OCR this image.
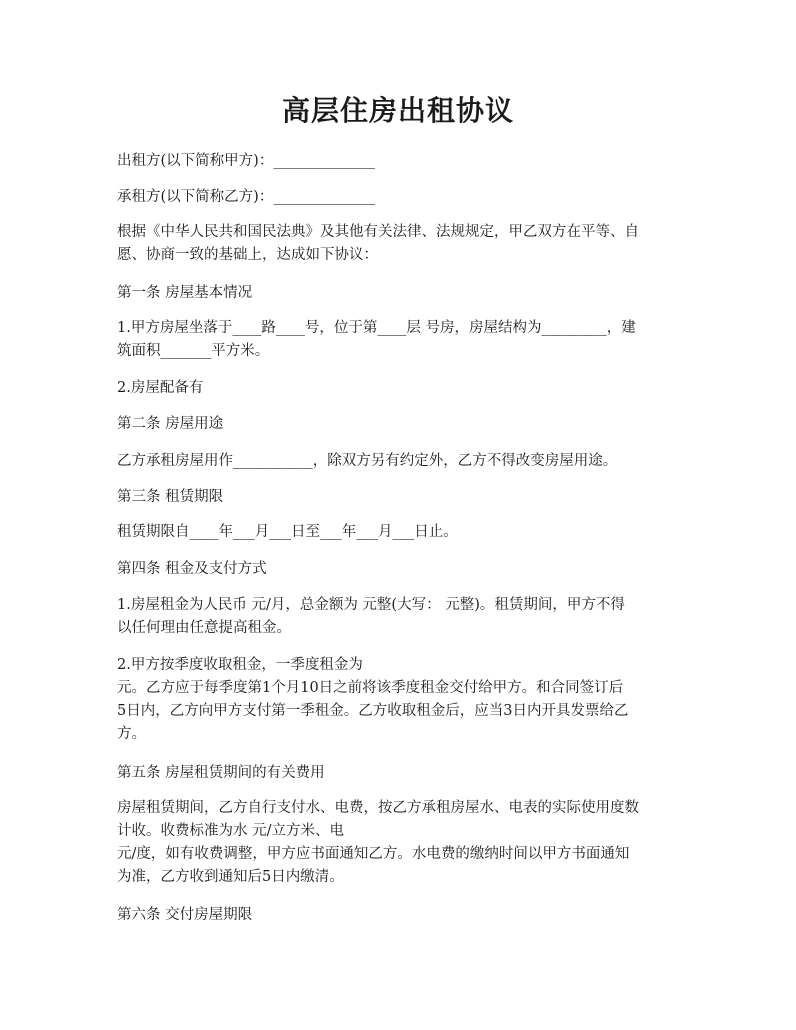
高层住房出租协议

出租方(以下简称甲方)：______________

承租方(以下简称乙方)：______________

根据《中华人民共和国民法典》及其他有关法律、法规规定，甲乙双方在平等、自
愿、协商一致的基础上，达成如下协议：

第一条 房屋基本情况

1.甲方房屋坐落于____路____号，位于第____层 号房，房屋结构为_________，建
筑面积_______平方米。

2.房屋配备有

第二条 房屋用途

乙方承租房屋用作___________，除双方另有约定外，乙方不得改变房屋用途。

第三条 租赁期限

租赁期限自____年___月___日至___年___月___日止。

第四条 租金及支付方式

1.房屋租金为人民币 元/月，总金额为 元整(大写： 元整)。租赁期间，甲方不得
以任何理由任意提高租金。

2.甲方按季度收取租金，一季度租金为
元。乙方应于每季度第1个月10日之前将该季度租金交付给甲方。和合同签订后
5日内，乙方向甲方支付第一季租金。乙方收取租金后，应当3日内开具发票给乙
方。

第五条 房屋租赁期间的有关费用

房屋租赁期间，乙方自行支付水、电费，按乙方承租房屋水、电表的实际使用度数
计收。收费标准为水 元/立方米、电
元/度，如有收费调整，甲方应书面通知乙方。水电费的缴纳时间以甲方书面通知
为准，乙方收到通知后5日内缴清。

第六条 交付房屋期限
